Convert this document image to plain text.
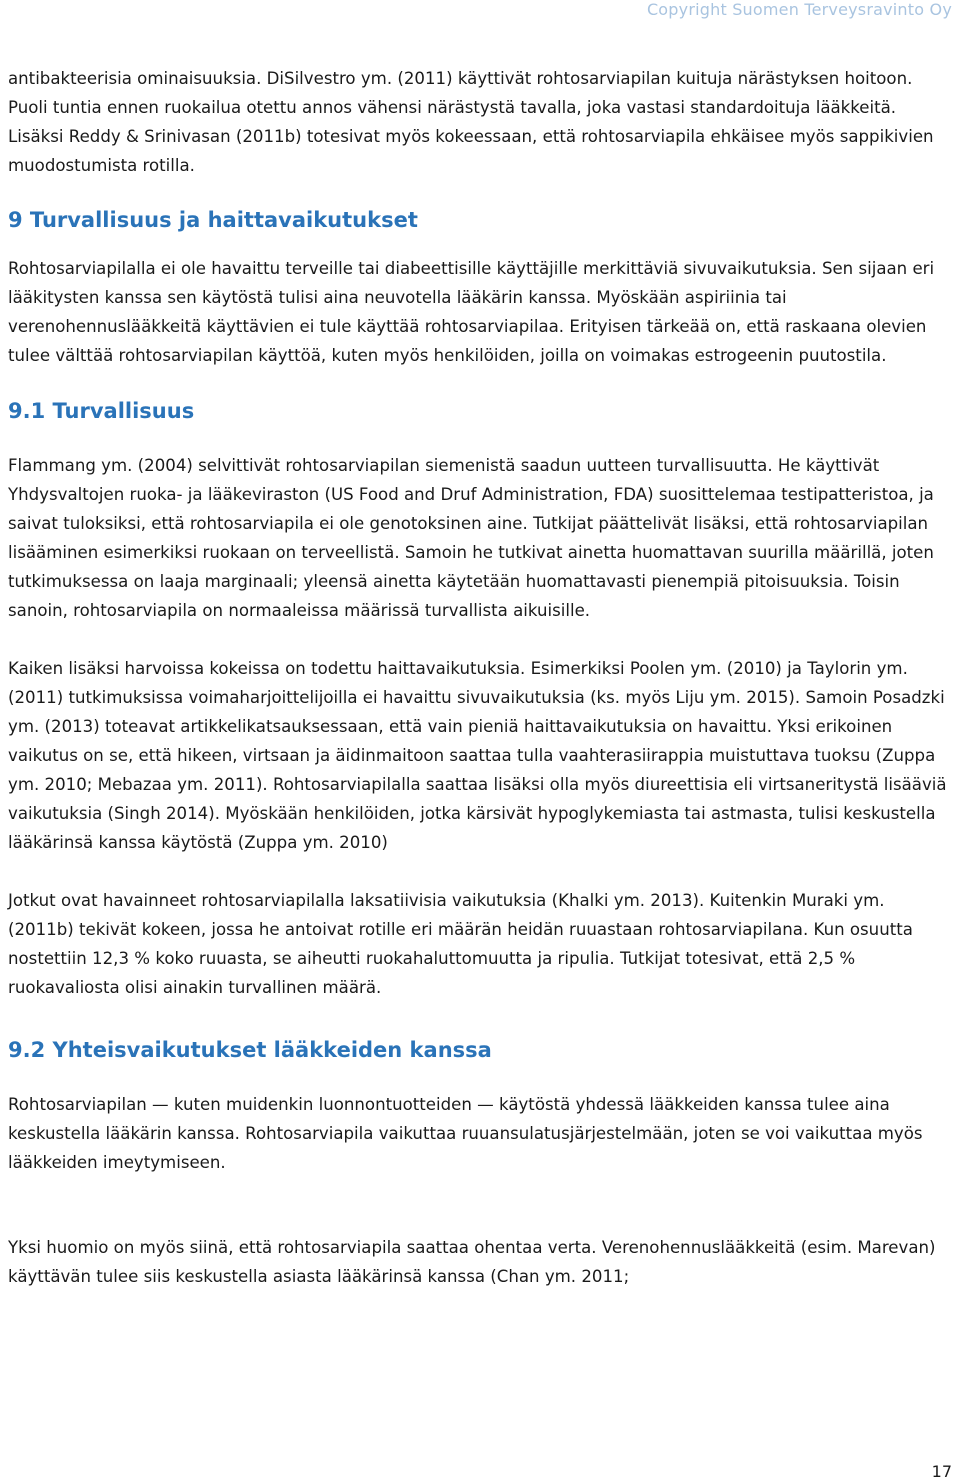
Copyright Suomen Terveysravinto Oy

antibakteerisia ominaisuuksia. DiSilvestro ym. (2011) käyttivät rohtosarviapilan kuituja närästyksen hoitoon. Puoli tuntia ennen ruokailua otettu annos vähensi närästystä tavalla, joka vastasi standardoituja lääkkeitä. Lisäksi Reddy & Srinivasan (2011b) totesivat myös kokeessaan, että rohtosarviapila ehkäisee myös sappikivien muodostumista rotilla.

9 Turvallisuus ja haittavaikutukset

Rohtosarviapilalla ei ole havaittu terveille tai diabeettisille käyttäjille merkittäviä sivuvaikutuksia. Sen sijaan eri lääkitysten kanssa sen käytöstä tulisi aina neuvotella lääkärin kanssa. Myöskään aspiriinia tai verenohennuslääkkeitä käyttävien ei tule käyttää rohtosarviapilaa. Erityisen tärkeää on, että raskaana olevien tulee välttää rohtosarviapilan käyttöä, kuten myös henkilöiden, joilla on voimakas estrogeenin puutostila.

9.1 Turvallisuus

Flammang ym. (2004) selvittivät rohtosarviapilan siemenistä saadun uutteen turvallisuutta. He käyttivät Yhdysvaltojen ruoka- ja lääkeviraston (US Food and Druf Administration, FDA) suosittelemaa testipatteristoa, ja saivat tuloksiksi, että rohtosarviapila ei ole genotoksinen aine. Tutkijat päättelivät lisäksi, että rohtosarviapilan lisääminen esimerkiksi ruokaan on terveellistä. Samoin he tutkivat ainetta huomattavan suurilla määrillä, joten tutkimuksessa on laaja marginaali; yleensä ainetta käytetään huomattavasti pienempiä pitoisuuksia. Toisin sanoin, rohtosarviapila on normaaleissa määrissä turvallista aikuisille.

Kaiken lisäksi harvoissa kokeissa on todettu haittavaikutuksia. Esimerkiksi Poolen ym. (2010) ja Taylorin ym. (2011) tutkimuksissa voimaharjoittelijoilla ei havaittu sivuvaikutuksia (ks. myös Liju ym. 2015). Samoin Posadzki ym. (2013) toteavat artikkelikatsauksessaan, että vain pieniä haittavaikutuksia on havaittu. Yksi erikoinen vaikutus on se, että hikeen, virtsaan ja äidinmaitoon saattaa tulla vaahterasiirappia muistuttava tuoksu (Zuppa ym. 2010; Mebazaa ym. 2011). Rohtosarviapilalla saattaa lisäksi olla myös diureettisia eli virtsaneritystä lisääviä vaikutuksia (Singh 2014). Myöskään henkilöiden, jotka kärsivät hypoglykemiasta tai astmasta, tulisi keskustella lääkärinsä kanssa käytöstä (Zuppa ym. 2010)

Jotkut ovat havainneet rohtosarviapilalla laksatiivisia vaikutuksia (Khalki ym. 2013). Kuitenkin Muraki ym. (2011b) tekivät kokeen, jossa he antoivat rotille eri määrän heidän ruuastaan rohtosarviapilana. Kun osuutta nostettiin 12,3 % koko ruuasta, se aiheutti ruokahaluttomuutta ja ripulia. Tutkijat totesivat, että 2,5 % ruokavaliosta olisi ainakin turvallinen määrä.

9.2 Yhteisvaikutukset lääkkeiden kanssa

Rohtosarviapilan — kuten muidenkin luonnontuotteiden — käytöstä yhdessä lääkkeiden kanssa tulee aina keskustella lääkärin kanssa. Rohtosarviapila vaikuttaa ruuansulatusjärjestelmään, joten se voi vaikuttaa myös lääkkeiden imeytymiseen.

Yksi huomio on myös siinä, että rohtosarviapila saattaa ohentaa verta. Verenohennuslääkkeitä (esim. Marevan) käyttävän tulee siis keskustella asiasta lääkärinsä kanssa (Chan ym. 2011;

17
